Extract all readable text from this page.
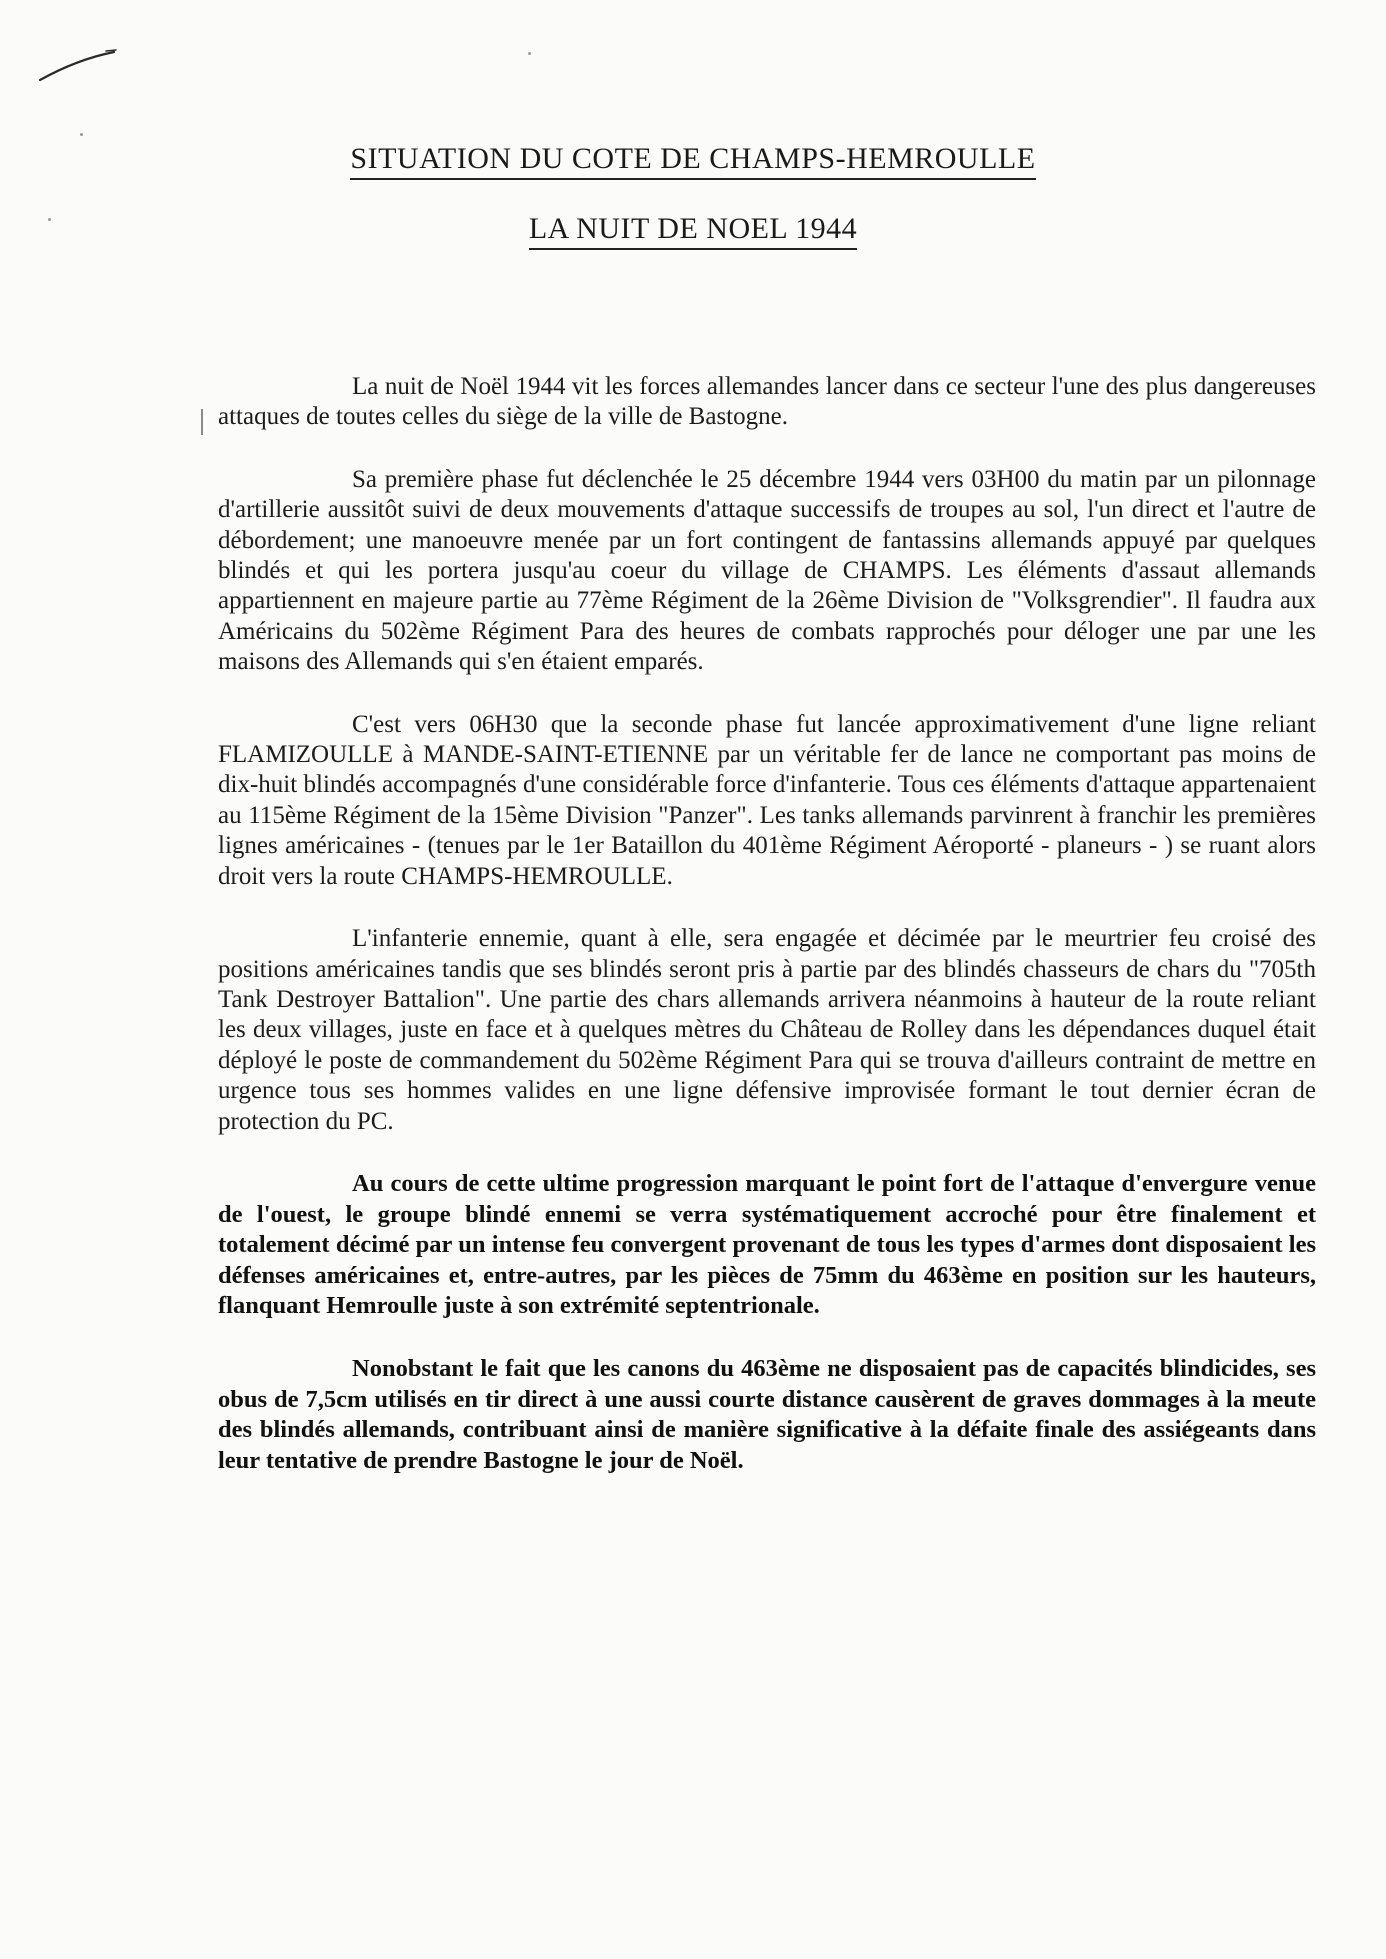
SITUATION DU COTE DE CHAMPS-HEMROULLE
LA NUIT DE NOEL 1944

La nuit de Noël 1944 vit les forces allemandes lancer dans ce secteur l'une des plus dangereuses attaques de toutes celles du siège de la ville de Bastogne.

Sa première phase fut déclenchée le 25 décembre 1944 vers 03H00 du matin par un pilonnage d'artillerie aussitôt suivi de deux mouvements d'attaque successifs de troupes au sol, l'un direct et l'autre de débordement; une manoeuvre menée par un fort contingent de fantassins allemands appuyé par quelques blindés et qui les portera jusqu'au coeur du village de CHAMPS. Les éléments d'assaut allemands appartiennent en majeure partie au 77ème Régiment de la 26ème Division de "Volksgrendier". Il faudra aux Américains du 502ème Régiment Para des heures de combats rapprochés pour déloger une par une les maisons des Allemands qui s'en étaient emparés.

C'est vers 06H30 que la seconde phase fut lancée approximativement d'une ligne reliant FLAMIZOULLE à MANDE-SAINT-ETIENNE par un véritable fer de lance ne comportant pas moins de dix-huit blindés accompagnés d'une considérable force d'infanterie. Tous ces éléments d'attaque appartenaient au 115ème Régiment de la 15ème Division "Panzer". Les tanks allemands parvinrent à franchir les premières lignes américaines - (tenues par le 1er Bataillon du 401ème Régiment Aéroporté - planeurs - ) se ruant alors droit vers la route CHAMPS-HEMROULLE.

L'infanterie ennemie, quant à elle, sera engagée et décimée par le meurtrier feu croisé des positions américaines tandis que ses blindés seront pris à partie par des blindés chasseurs de chars du "705th Tank Destroyer Battalion". Une partie des chars allemands arrivera néanmoins à hauteur de la route reliant les deux villages, juste en face et à quelques mètres du Château de Rolley dans les dépendances duquel était déployé le poste de commandement du 502ème Régiment Para qui se trouva d'ailleurs contraint de mettre en urgence tous ses hommes valides en une ligne défensive improvisée formant le tout dernier écran de protection du PC.

Au cours de cette ultime progression marquant le point fort de l'attaque d'envergure venue de l'ouest, le groupe blindé ennemi se verra systématiquement accroché pour être finalement et totalement décimé par un intense feu convergent provenant de tous les types d'armes dont disposaient les défenses américaines et, entre-autres, par les pièces de 75mm du 463ème en position sur les hauteurs, flanquant Hemroulle juste à son extrémité septentrionale.

Nonobstant le fait que les canons du 463ème ne disposaient pas de capacités blindicides, ses obus de 7,5cm utilisés en tir direct à une aussi courte distance causèrent de graves dommages à la meute des blindés allemands, contribuant ainsi de manière significative à la défaite finale des assiégeants dans leur tentative de prendre Bastogne le jour de Noël.
